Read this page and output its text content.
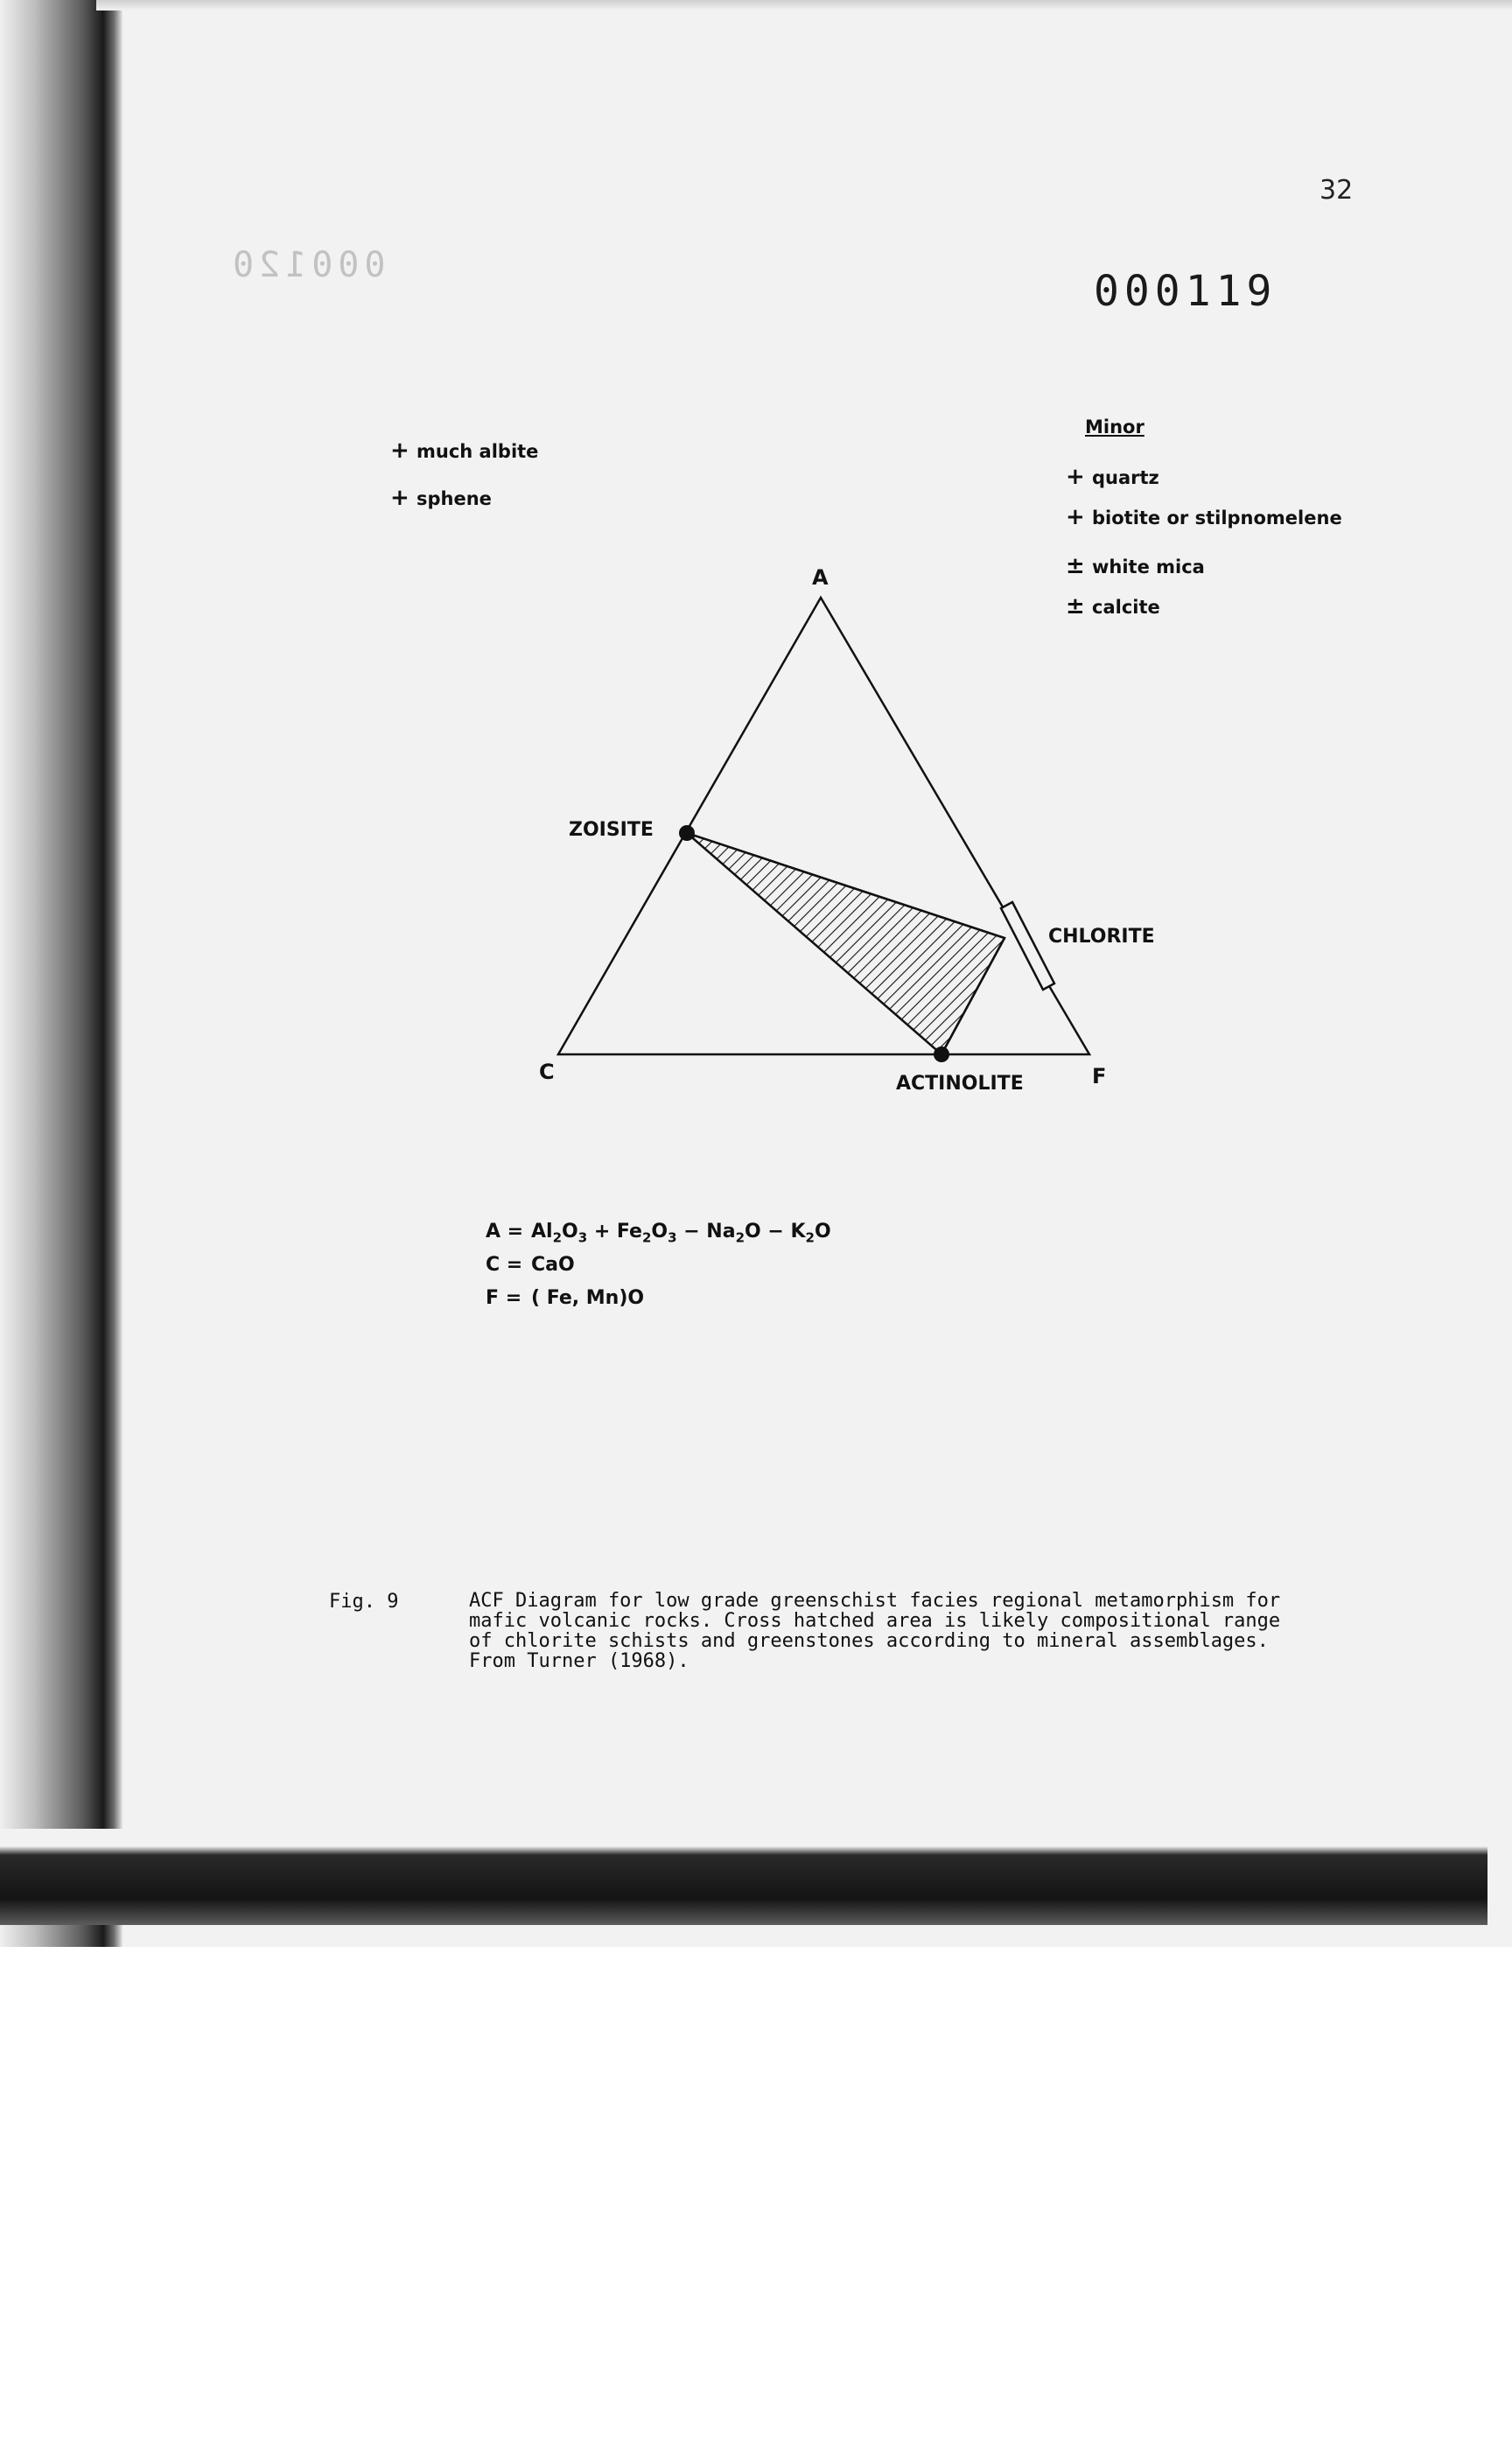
32
000119
000120
+ much albite
+ sphene
Minor
+ quartz
+ biotite or stilpnomelene
± white mica
± calcite
A
C	F
ZOISITE
CHLORITE
ACTINOLITE
$A = Al_2O_3 + Fe_2O_3 - Na_2O - K_2O$
C = CaO
F = ( Fe, Mn)O
Fig. 9	ACF Diagram for low grade greenschist facies regional metamorphism for mafic volcanic rocks. Cross hatched area is likely compositional range of chlorite schists and greenstones according to mineral assemblages. From Turner (1968).
